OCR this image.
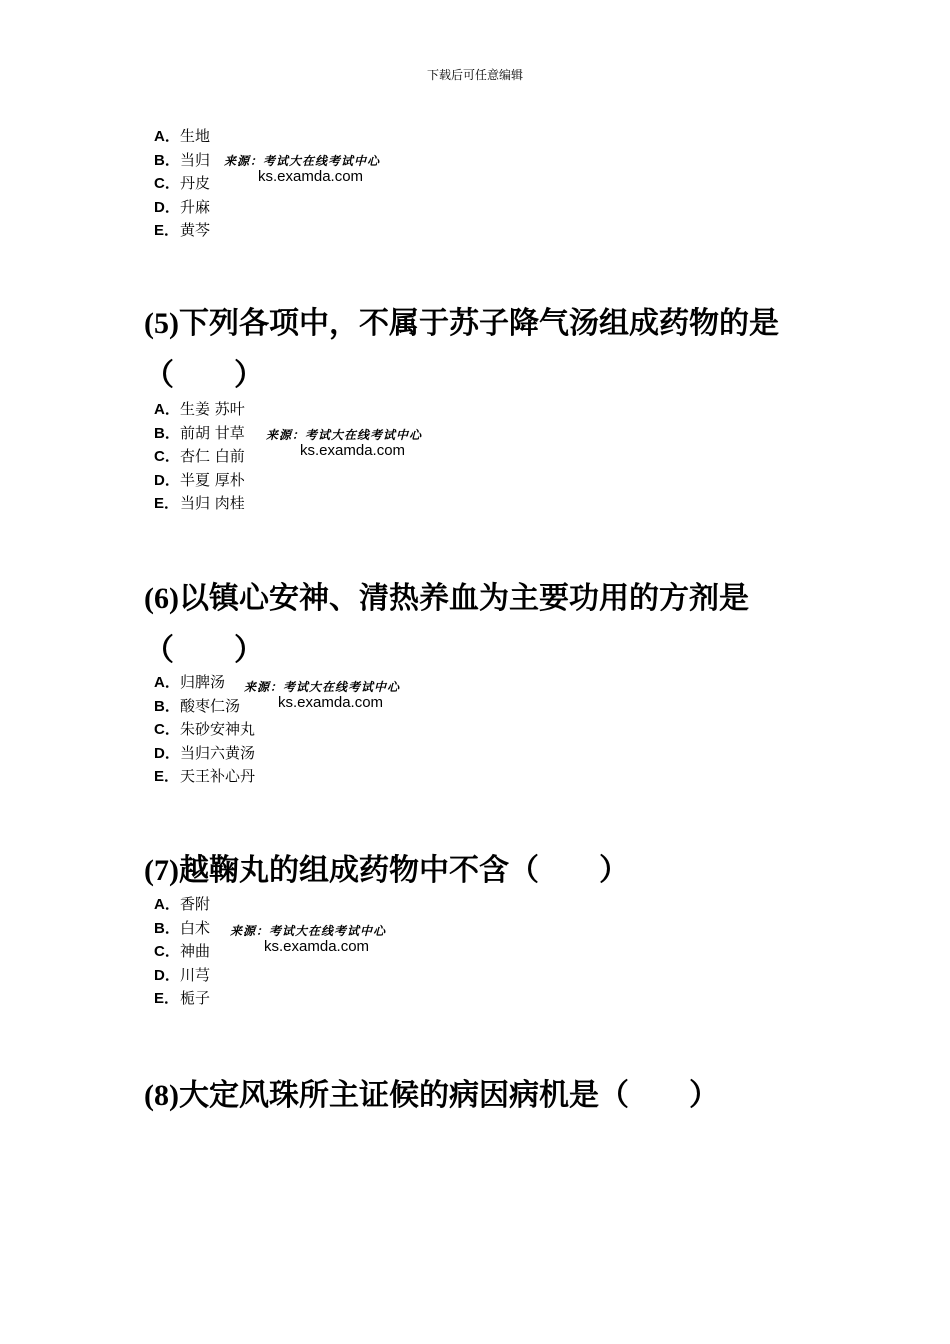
下载后可任意编辑
A．生地
B．当归
C．丹皮
D．升麻
E．黄芩
来源：考试大在线考试中心
ks.examda.com
(5)下列各项中，不属于苏子降气汤组成药物的是（　　）
A．生姜 苏叶
B．前胡 甘草
C．杏仁 白前
D．半夏 厚朴
E．当归 肉桂
来源：考试大在线考试中心
ks.examda.com
(6)以镇心安神、清热养血为主要功用的方剂是（　　）
A．归脾汤
B．酸枣仁汤
C．朱砂安神丸
D．当归六黄汤
E．天王补心丹
来源：考试大在线考试中心
ks.examda.com
(7)越鞠丸的组成药物中不含（　　）
A．香附
B．白术
C．神曲
D．川芎
E．栀子
来源：考试大在线考试中心
ks.examda.com
(8)大定风珠所主证候的病因病机是（　　）
